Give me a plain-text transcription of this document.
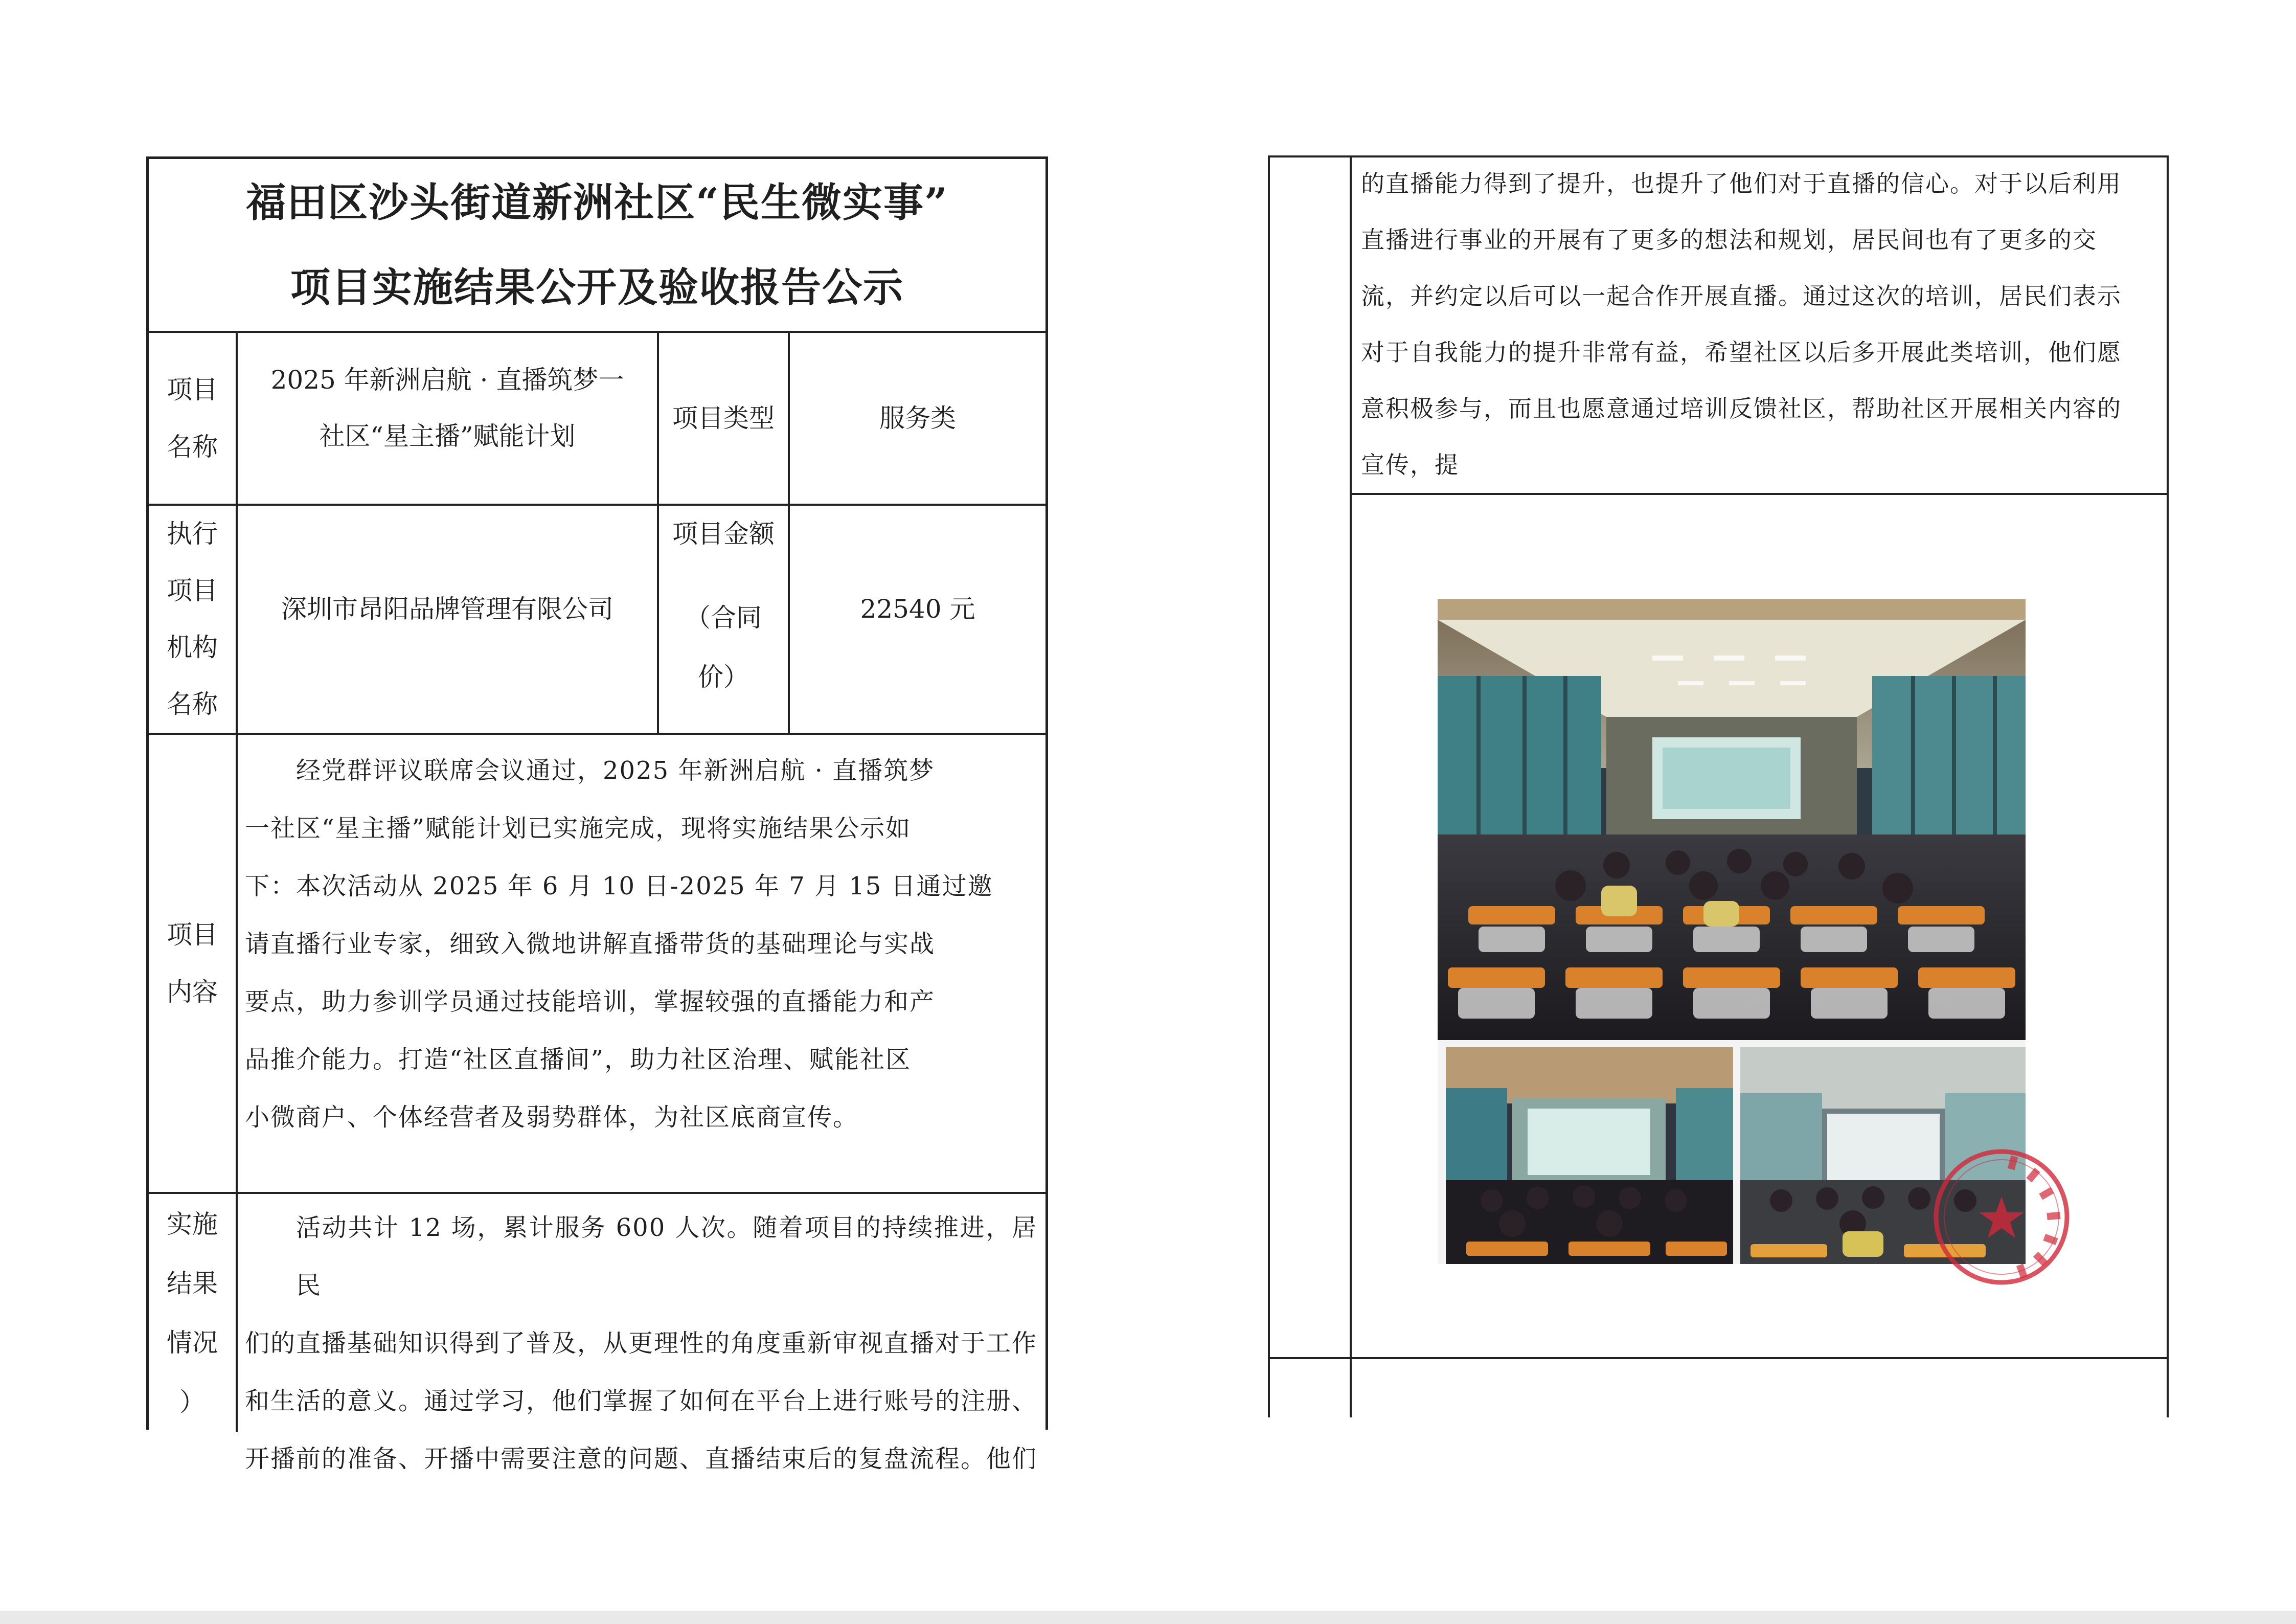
福田区沙头街道新洲社区“民生微实事”
项目实施结果公开及验收报告公示
项目
名称
2025 年新洲启航 · 直播筑梦一
社区“星主播”赋能计划
项目类型	服务类
执行
项目
机构
名称
深圳市昂阳品牌管理有限公司
项目金额
（合同
价）
22540 元
项目
内容
经党群评议联席会议通过，2025 年新洲启航 · 直播筑梦
一社区“星主播”赋能计划已实施完成，现将实施结果公示如
下：本次活动从 2025 年 6 月 10 日-2025 年 7 月 15 日通过邀
请直播行业专家，细致入微地讲解直播带货的基础理论与实战
要点，助力参训学员通过技能培训，掌握较强的直播能力和产
品推介能力。打造“社区直播间”，助力社区治理、赋能社区
小微商户、个体经营者及弱势群体，为社区底商宣传。
实施
结果
情况
）
活动共计 12 场，累计服务 600 人次。随着项目的持续推进，居民
们的直播基础知识得到了普及，从更理性的角度重新审视直播对于工作
和生活的意义。通过学习，他们掌握了如何在平台上进行账号的注册、
开播前的准备、开播中需要注意的问题、直播结束后的复盘流程。他们
的直播能力得到了提升，也提升了他们对于直播的信心。对于以后利用
直播进行事业的开展有了更多的想法和规划，居民间也有了更多的交
流，并约定以后可以一起合作开展直播。通过这次的培训，居民们表示
对于自我能力的提升非常有益，希望社区以后多开展此类培训，他们愿
意积极参与，而且也愿意通过培训反馈社区，帮助社区开展相关内容的
宣传，提
